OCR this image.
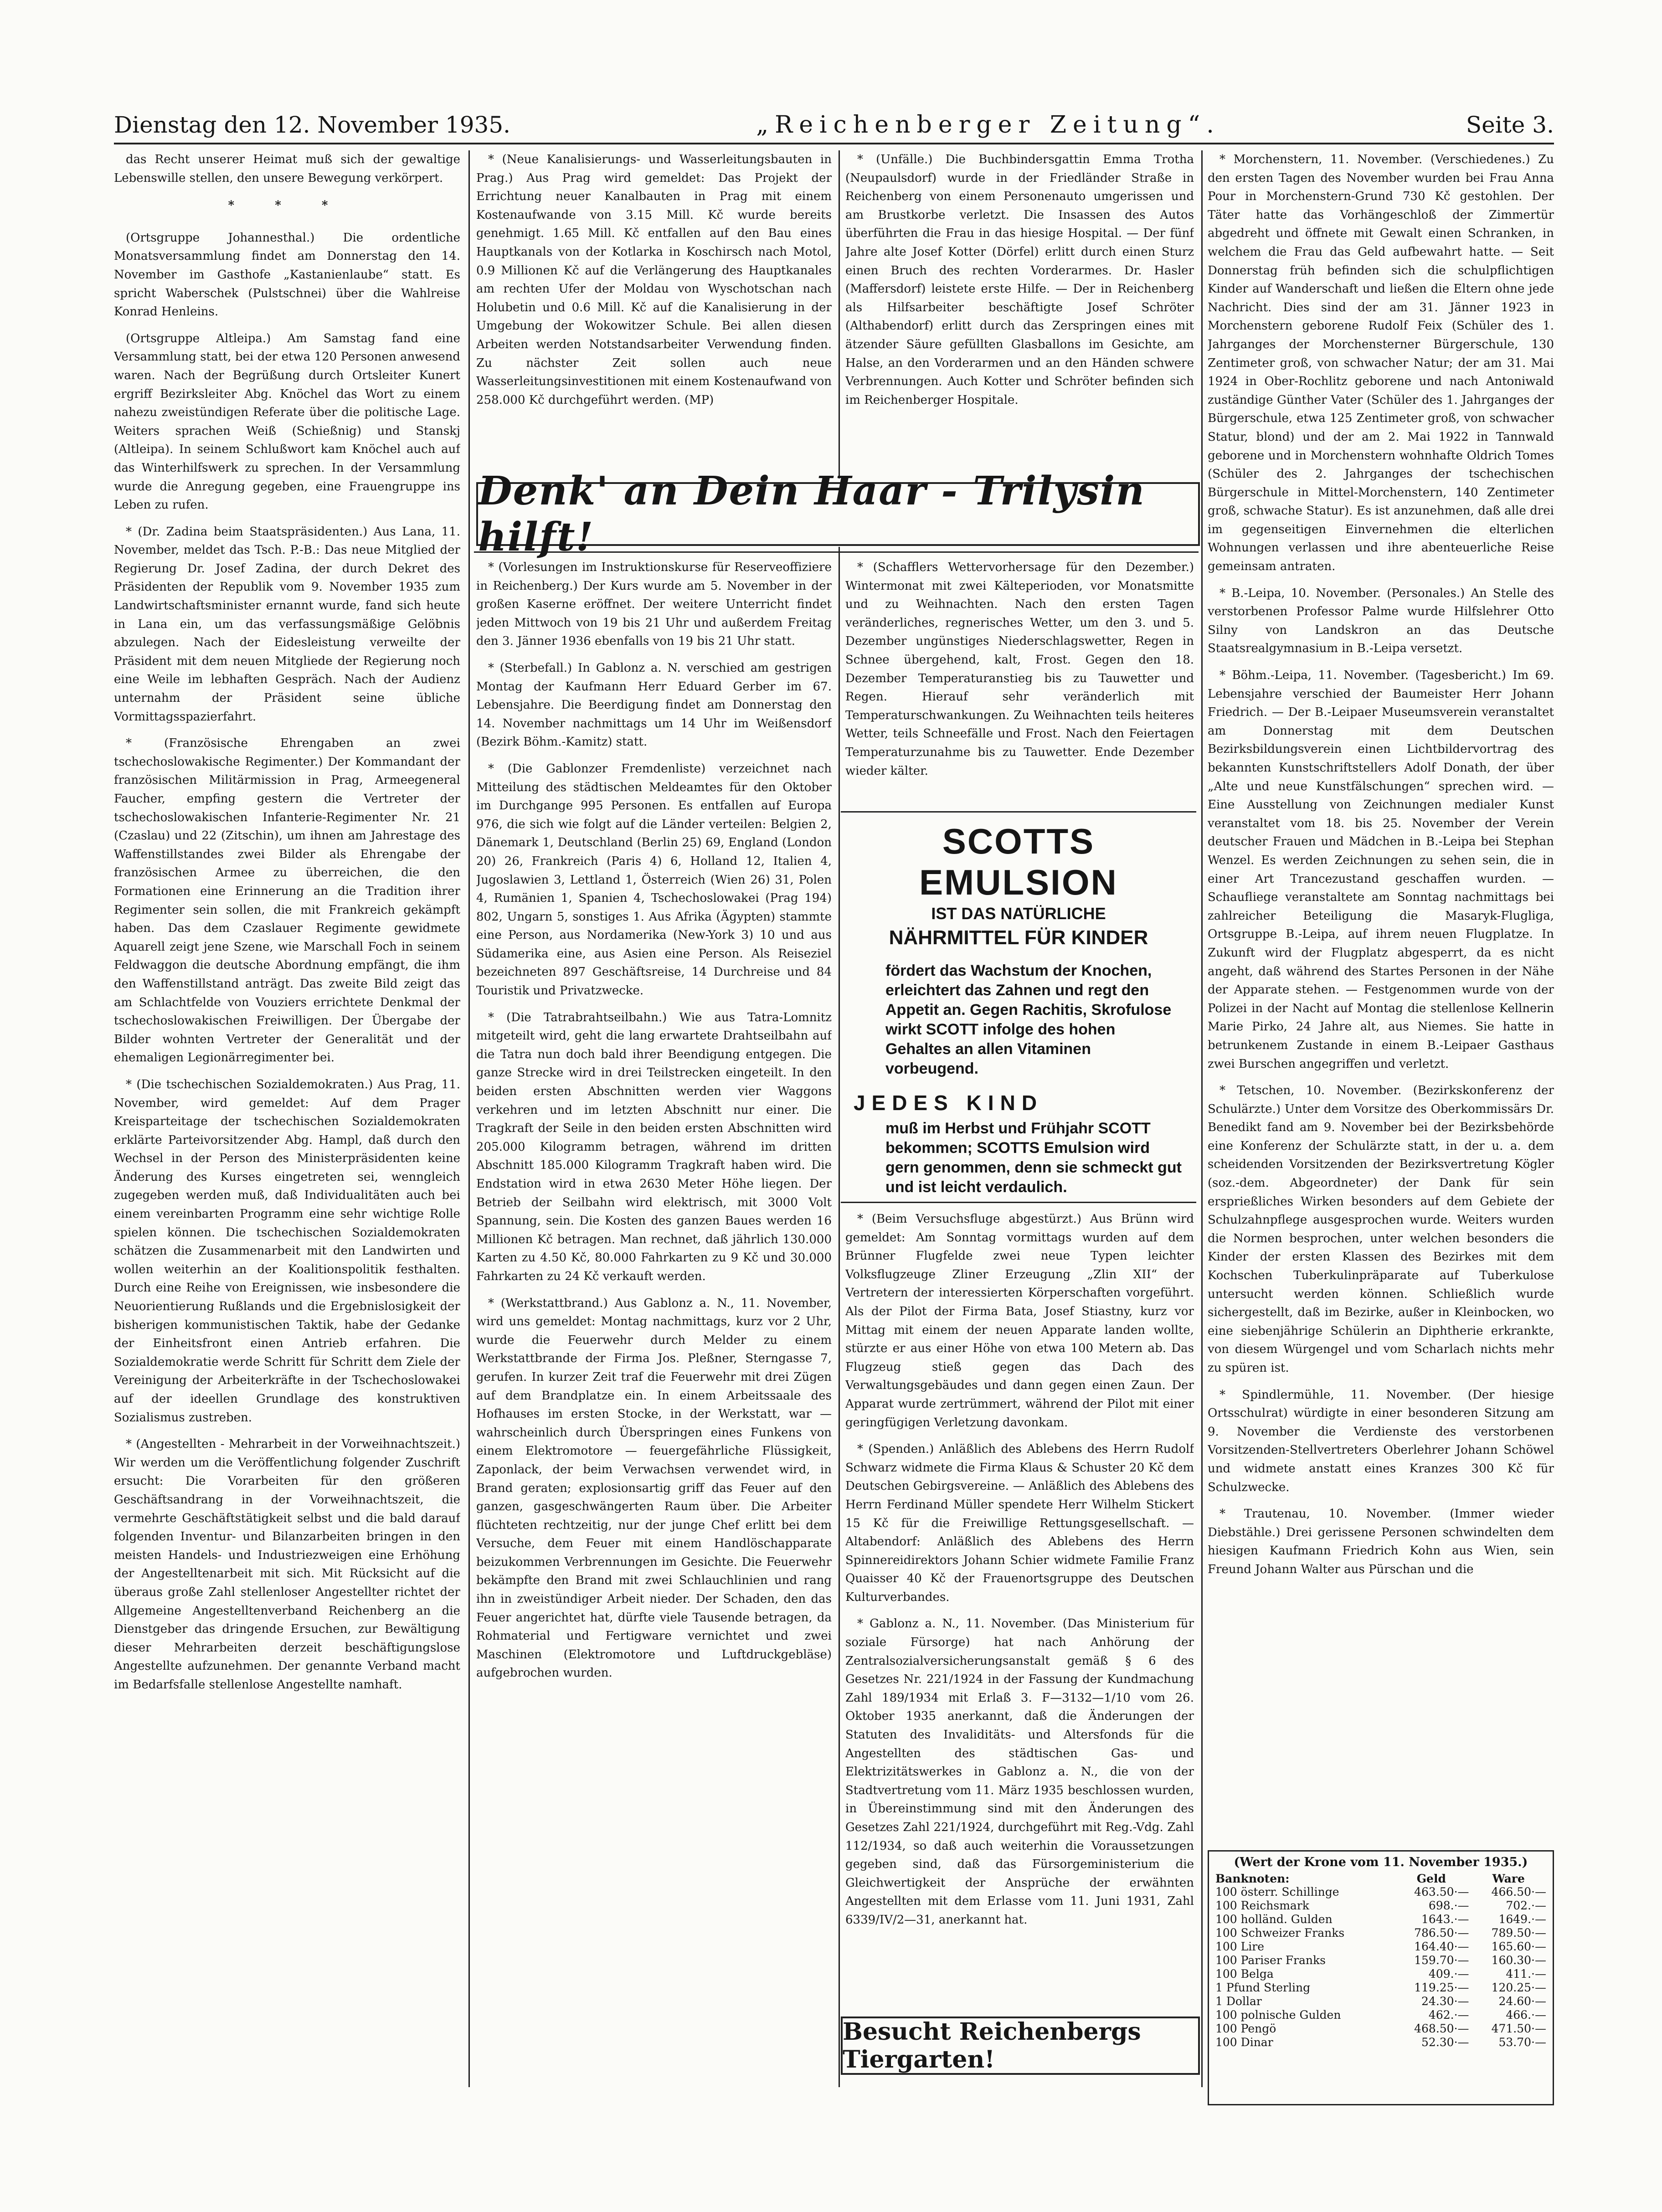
Dienstag den 12. November 1935.	„Reichenberger Zeitung“.	Seite 3.

das Recht unserer Heimat muß sich der gewaltige Lebenswille stellen, den unsere Bewegung verkörpert.

* * *

(Ortsgruppe Johannesthal.) Die ordentliche Monatsversammlung findet am Donnerstag den 14. November im Gasthofe „Kastanienlaube“ statt. Es spricht Waberschek (Pulstschnei) über die Wahlreise Konrad Henleins.

(Ortsgruppe Altleipa.) Am Samstag fand eine Versammlung statt, bei der etwa 120 Personen anwesend waren. Nach der Begrüßung durch Ortsleiter Kunert ergriff Bezirksleiter Abg. Knöchel das Wort zu einem nahezu zweistündigen Referate über die politische Lage. Weiters sprachen Weiß (Schießnig) und Stanskj (Altleipa). In seinem Schlußwort kam Knöchel auch auf das Winterhilfswerk zu sprechen. In der Versammlung wurde die Anregung gegeben, eine Frauengruppe ins Leben zu rufen.

* (Dr. Zadina beim Staatspräsidenten.) Aus Lana, 11. November, meldet das Tsch. P.-B.: Das neue Mitglied der Regierung Dr. Josef Zadina, der durch Dekret des Präsidenten der Republik vom 9. November 1935 zum Landwirtschaftsminister ernannt wurde, fand sich heute in Lana ein, um das verfassungsmäßige Gelöbnis abzulegen. Nach der Eidesleistung verweilte der Präsident mit dem neuen Mitgliede der Regierung noch eine Weile im lebhaften Gespräch. Nach der Audienz unternahm der Präsident seine übliche Vormittagsspazierfahrt.

* (Französische Ehrengaben an zwei tschechoslowakische Regimenter.) Der Kommandant der französischen Militärmission in Prag, Armeegeneral Faucher, empfing gestern die Vertreter der tschechoslowakischen Infanterie-Regimenter Nr. 21 (Czaslau) und 22 (Zitschin), um ihnen am Jahrestage des Waffenstillstandes zwei Bilder als Ehrengabe der französischen Armee zu überreichen, die den Formationen eine Erinnerung an die Tradition ihrer Regimenter sein sollen, die mit Frankreich gekämpft haben. Das dem Czaslauer Regimente gewidmete Aquarell zeigt jene Szene, wie Marschall Foch in seinem Feldwaggon die deutsche Abordnung empfängt, die ihm den Waffenstillstand anträgt. Das zweite Bild zeigt das am Schlachtfelde von Vouziers errichtete Denkmal der tschechoslowakischen Freiwilligen. Der Übergabe der Bilder wohnten Vertreter der Generalität und der ehemaligen Legionärregimenter bei.

* (Die tschechischen Sozialdemokraten.) Aus Prag, 11. November, wird gemeldet: Auf dem Prager Kreisparteitage der tschechischen Sozialdemokraten erklärte Parteivorsitzender Abg. Hampl, daß durch den Wechsel in der Person des Ministerpräsidenten keine Änderung des Kurses eingetreten sei, wenngleich zugegeben werden muß, daß Individualitäten auch bei einem vereinbarten Programm eine sehr wichtige Rolle spielen können. Die tschechischen Sozialdemokraten schätzen die Zusammenarbeit mit den Landwirten und wollen weiterhin an der Koalitionspolitik festhalten. Durch eine Reihe von Ereignissen, wie insbesondere die Neuorientierung Rußlands und die Ergebnislosigkeit der bisherigen kommunistischen Taktik, habe der Gedanke der Einheitsfront einen Antrieb erfahren. Die Sozialdemokratie werde Schritt für Schritt dem Ziele der Vereinigung der Arbeiterkräfte in der Tschechoslowakei auf der ideellen Grundlage des konstruktiven Sozialismus zustreben.

* (Angestellten - Mehrarbeit in der Vorweihnachtszeit.) Wir werden um die Veröffentlichung folgender Zuschrift ersucht: Die Vorarbeiten für den größeren Geschäftsandrang in der Vorweihnachtszeit, die vermehrte Geschäftstätigkeit selbst und die bald darauf folgenden Inventur- und Bilanzarbeiten bringen in den meisten Handels- und Industriezweigen eine Erhöhung der Angestelltenarbeit mit sich. Mit Rücksicht auf die überaus große Zahl stellenloser Angestellter richtet der Allgemeine Angestelltenverband Reichenberg an die Dienstgeber das dringende Ersuchen, zur Bewältigung dieser Mehrarbeiten derzeit beschäftigungslose Angestellte aufzunehmen. Der genannte Verband macht im Bedarfsfalle stellenlose Angestellte namhaft.

* (Neue Kanalisierungs- und Wasserleitungsbauten in Prag.) Aus Prag wird gemeldet: Das Projekt der Errichtung neuer Kanalbauten in Prag mit einem Kostenaufwande von 3.15 Mill. Kč wurde bereits genehmigt. 1.65 Mill. Kč entfallen auf den Bau eines Hauptkanals von der Kotlarka in Koschirsch nach Motol, 0.9 Millionen Kč auf die Verlängerung des Hauptkanales am rechten Ufer der Moldau von Wyschotschan nach Holubetin und 0.6 Mill. Kč auf die Kanalisierung in der Umgebung der Wokowitzer Schule. Bei allen diesen Arbeiten werden Notstandsarbeiter Verwendung finden. Zu nächster Zeit sollen auch neue Wasserleitungsinvestitionen mit einem Kostenaufwand von 258.000 Kč durchgeführt werden. (MP)

* (Unfälle.) Die Buchbindersgattin Emma Trotha (Neupaulsdorf) wurde in der Friedländer Straße in Reichenberg von einem Personenauto umgerissen und am Brustkorbe verletzt. Die Insassen des Autos überführten die Frau in das hiesige Hospital. — Der fünf Jahre alte Josef Kotter (Dörfel) erlitt durch einen Sturz einen Bruch des rechten Vorderarmes. Dr. Hasler (Maffersdorf) leistete erste Hilfe. — Der in Reichenberg als Hilfsarbeiter beschäftigte Josef Schröter (Althabendorf) erlitt durch das Zerspringen eines mit ätzender Säure gefüllten Glasballons im Gesichte, am Halse, an den Vorderarmen und an den Händen schwere Verbrennungen. Auch Kotter und Schröter befinden sich im Reichenberger Hospitale.

Denk' an Dein Haar - Trilysin hilft!

* (Vorlesungen im Instruktionskurse für Reserveoffiziere in Reichenberg.) Der Kurs wurde am 5. November in der großen Kaserne eröffnet. Der weitere Unterricht findet jeden Mittwoch von 19 bis 21 Uhr und außerdem Freitag den 3. Jänner 1936 ebenfalls von 19 bis 21 Uhr statt.

* (Sterbefall.) In Gablonz a. N. verschied am gestrigen Montag der Kaufmann Herr Eduard Gerber im 67. Lebensjahre. Die Beerdigung findet am Donnerstag den 14. November nachmittags um 14 Uhr im Weißensdorf (Bezirk Böhm.-Kamitz) statt.

* (Die Gablonzer Fremdenliste) verzeichnet nach Mitteilung des städtischen Meldeamtes für den Oktober im Durchgange 995 Personen. Es entfallen auf Europa 976, die sich wie folgt auf die Länder verteilen: Belgien 2, Dänemark 1, Deutschland (Berlin 25) 69, England (London 20) 26, Frankreich (Paris 4) 6, Holland 12, Italien 4, Jugoslawien 3, Lettland 1, Österreich (Wien 26) 31, Polen 4, Rumänien 1, Spanien 4, Tschechoslowakei (Prag 194) 802, Ungarn 5, sonstiges 1. Aus Afrika (Ägypten) stammte eine Person, aus Nordamerika (New-York 3) 10 und aus Südamerika eine, aus Asien eine Person. Als Reiseziel bezeichneten 897 Geschäftsreise, 14 Durchreise und 84 Touristik und Privatzwecke.

* (Die Tatrabrahtseilbahn.) Wie aus Tatra-Lomnitz mitgeteilt wird, geht die lang erwartete Drahtseilbahn auf die Tatra nun doch bald ihrer Beendigung entgegen. Die ganze Strecke wird in drei Teilstrecken eingeteilt. In den beiden ersten Abschnitten werden vier Waggons verkehren und im letzten Abschnitt nur einer. Die Tragkraft der Seile in den beiden ersten Abschnitten wird 205.000 Kilogramm betragen, während im dritten Abschnitt 185.000 Kilogramm Tragkraft haben wird. Die Endstation wird in etwa 2630 Meter Höhe liegen. Der Betrieb der Seilbahn wird elektrisch, mit 3000 Volt Spannung, sein. Die Kosten des ganzen Baues werden 16 Millionen Kč betragen. Man rechnet, daß jährlich 130.000 Karten zu 4.50 Kč, 80.000 Fahrkarten zu 9 Kč und 30.000 Fahrkarten zu 24 Kč verkauft werden.

* (Werkstattbrand.) Aus Gablonz a. N., 11. November, wird uns gemeldet: Montag nachmittags, kurz vor 2 Uhr, wurde die Feuerwehr durch Melder zu einem Werkstattbrande der Firma Jos. Pleßner, Sterngasse 7, gerufen. In kurzer Zeit traf die Feuerwehr mit drei Zügen auf dem Brandplatze ein. In einem Arbeitssaale des Hofhauses im ersten Stocke, in der Werkstatt, war — wahrscheinlich durch Überspringen eines Funkens von einem Elektromotore — feuergefährliche Flüssigkeit, Zaponlack, der beim Verwachsen verwendet wird, in Brand geraten; explosionsartig griff das Feuer auf den ganzen, gasgeschwängerten Raum über. Die Arbeiter flüchteten rechtzeitig, nur der junge Chef erlitt bei dem Versuche, dem Feuer mit einem Handlöschapparate beizukommen Verbrennungen im Gesichte. Die Feuerwehr bekämpfte den Brand mit zwei Schlauchlinien und rang ihn in zweistündiger Arbeit nieder. Der Schaden, den das Feuer angerichtet hat, dürfte viele Tausende betragen, da Rohmaterial und Fertigware vernichtet und zwei Maschinen (Elektromotore und Luftdruckgebläse) aufgebrochen wurden.

* (Schafflers Wettervorhersage für den Dezember.) Wintermonat mit zwei Kälteperioden, vor Monatsmitte und zu Weihnachten. Nach den ersten Tagen veränderliches, regnerisches Wetter, um den 3. und 5. Dezember ungünstiges Niederschlagswetter, Regen in Schnee übergehend, kalt, Frost. Gegen den 18. Dezember Temperaturanstieg bis zu Tauwetter und Regen. Hierauf sehr veränderlich mit Temperaturschwankungen. Zu Weihnachten teils heiteres Wetter, teils Schneefälle und Frost. Nach den Feiertagen Temperaturzunahme bis zu Tauwetter. Ende Dezember wieder kälter.

SCOTTS EMULSION
IST DAS NATÜRLICHE
NÄHRMITTEL FÜR KINDER
fördert das Wachstum der Knochen, erleichtert das Zahnen und regt den Appetit an. Gegen Rachitis, Skrofulose wirkt SCOTT infolge des hohen Gehaltes an allen Vitaminen vorbeugend.
JEDES KIND
muß im Herbst und Frühjahr SCOTT bekommen; SCOTTS Emulsion wird gern genommen, denn sie schmeckt gut und ist leicht verdaulich.

* (Beim Versuchsfluge abgestürzt.) Aus Brünn wird gemeldet: Am Sonntag vormittags wurden auf dem Brünner Flugfelde zwei neue Typen leichter Volksflugzeuge Zliner Erzeugung „Zlin XII“ der Vertretern der interessierten Körperschaften vorgeführt. Als der Pilot der Firma Bata, Josef Stiastny, kurz vor Mittag mit einem der neuen Apparate landen wollte, stürzte er aus einer Höhe von etwa 100 Metern ab. Das Flugzeug stieß gegen das Dach des Verwaltungsgebäudes und dann gegen einen Zaun. Der Apparat wurde zertrümmert, während der Pilot mit einer geringfügigen Verletzung davonkam.

* (Spenden.) Anläßlich des Ablebens des Herrn Rudolf Schwarz widmete die Firma Klaus & Schuster 20 Kč dem Deutschen Gebirgsvereine. — Anläßlich des Ablebens des Herrn Ferdinand Müller spendete Herr Wilhelm Stickert 15 Kč für die Freiwillige Rettungsgesellschaft. — Altabendorf: Anläßlich des Ablebens des Herrn Spinnereidirektors Johann Schier widmete Familie Franz Quaisser 40 Kč der Frauenortsgruppe des Deutschen Kulturverbandes.

* Gablonz a. N., 11. November. (Das Ministerium für soziale Fürsorge) hat nach Anhörung der Zentralsozialversicherungsanstalt gemäß § 6 des Gesetzes Nr. 221/1924 in der Fassung der Kundmachung Zahl 189/1934 mit Erlaß 3. F—3132—1/10 vom 26. Oktober 1935 anerkannt, daß die Änderungen der Statuten des Invaliditäts- und Altersfonds für die Angestellten des städtischen Gas- und Elektrizitätswerkes in Gablonz a. N., die von der Stadtvertretung vom 11. März 1935 beschlossen wurden, in Übereinstimmung sind mit den Änderungen des Gesetzes Zahl 221/1924, durchgeführt mit Reg.-Vdg. Zahl 112/1934, so daß auch weiterhin die Voraussetzungen gegeben sind, daß das Fürsorgeministerium die Gleichwertigkeit der Ansprüche der erwähnten Angestellten mit dem Erlasse vom 11. Juni 1931, Zahl 6339/IV/2—31, anerkannt hat.

Besucht Reichenbergs Tiergarten!

* Morchenstern, 11. November. (Verschiedenes.) Zu den ersten Tagen des November wurden bei Frau Anna Pour in Morchenstern-Grund 730 Kč gestohlen. Der Täter hatte das Vorhängeschloß der Zimmertür abgedreht und öffnete mit Gewalt einen Schranken, in welchem die Frau das Geld aufbewahrt hatte. — Seit Donnerstag früh befinden sich die schulpflichtigen Kinder auf Wanderschaft und ließen die Eltern ohne jede Nachricht. Dies sind der am 31. Jänner 1923 in Morchenstern geborene Rudolf Feix (Schüler des 1. Jahrganges der Morchensterner Bürgerschule, 130 Zentimeter groß, von schwacher Natur; der am 31. Mai 1924 in Ober-Rochlitz geborene und nach Antoniwald zuständige Günther Vater (Schüler des 1. Jahrganges der Bürgerschule, etwa 125 Zentimeter groß, von schwacher Statur, blond) und der am 2. Mai 1922 in Tannwald geborene und in Morchenstern wohnhafte Oldrich Tomes (Schüler des 2. Jahrganges der tschechischen Bürgerschule in Mittel-Morchenstern, 140 Zentimeter groß, schwache Statur). Es ist anzunehmen, daß alle drei im gegenseitigen Einvernehmen die elterlichen Wohnungen verlassen und ihre abenteuerliche Reise gemeinsam antraten.

* B.-Leipa, 10. November. (Personales.) An Stelle des verstorbenen Professor Palme wurde Hilfslehrer Otto Silny von Landskron an das Deutsche Staatsrealgymnasium in B.-Leipa versetzt.

* Böhm.-Leipa, 11. November. (Tagesbericht.) Im 69. Lebensjahre verschied der Baumeister Herr Johann Friedrich. — Der B.-Leipaer Museumsverein veranstaltet am Donnerstag mit dem Deutschen Bezirksbildungsverein einen Lichtbildervortrag des bekannten Kunstschriftstellers Adolf Donath, der über „Alte und neue Kunstfälschungen“ sprechen wird. — Eine Ausstellung von Zeichnungen medialer Kunst veranstaltet vom 18. bis 25. November der Verein deutscher Frauen und Mädchen in B.-Leipa bei Stephan Wenzel. Es werden Zeichnungen zu sehen sein, die in einer Art Trancezustand geschaffen wurden. — Schaufliege veranstaltete am Sonntag nachmittags bei zahlreicher Beteiligung die Masaryk-Flugliga, Ortsgruppe B.-Leipa, auf ihrem neuen Flugplatze. In Zukunft wird der Flugplatz abgesperrt, da es nicht angeht, daß während des Startes Personen in der Nähe der Apparate stehen. — Festgenommen wurde von der Polizei in der Nacht auf Montag die stellenlose Kellnerin Marie Pirko, 24 Jahre alt, aus Niemes. Sie hatte in betrunkenem Zustande in einem B.-Leipaer Gasthaus zwei Burschen angegriffen und verletzt.

* Tetschen, 10. November. (Bezirkskonferenz der Schulärzte.) Unter dem Vorsitze des Oberkommissärs Dr. Benedikt fand am 9. November bei der Bezirksbehörde eine Konferenz der Schulärzte statt, in der u. a. dem scheidenden Vorsitzenden der Bezirksvertretung Kögler (soz.-dem. Abgeordneter) der Dank für sein ersprießliches Wirken besonders auf dem Gebiete der Schulzahnpflege ausgesprochen wurde. Weiters wurden die Normen besprochen, unter welchen besonders die Kinder der ersten Klassen des Bezirkes mit dem Kochschen Tuberkulinpräparate auf Tuberkulose untersucht werden können. Schließlich wurde sichergestellt, daß im Bezirke, außer in Kleinbocken, wo eine siebenjährige Schülerin an Diphtherie erkrankte, von diesem Würgengel und vom Scharlach nichts mehr zu spüren ist.

* Spindlermühle, 11. November. (Der hiesige Ortsschulrat) würdigte in einer besonderen Sitzung am 9. November die Verdienste des verstorbenen Vorsitzenden-Stellvertreters Oberlehrer Johann Schöwel und widmete anstatt eines Kranzes 300 Kč für Schulzwecke.

* Trautenau, 10. November. (Immer wieder Diebstähle.) Drei gerissene Personen schwindelten dem hiesigen Kaufmann Friedrich Kohn aus Wien, sein Freund Johann Walter aus Pürschan und die

(Wert der Krone vom 11. November 1935.)
Banknoten:	Geld	Ware
100 österr. Schillinge	463.50·—	466.50·—
100 Reichsmark	698.·—	702.·—
100 holländ. Gulden	1643.·—	1649.·—
100 Schweizer Franks	786.50·—	789.50·—
100 Lire	164.40·—	165.60·—
100 Pariser Franks	159.70·—	160.30·—
100 Belga	409.·—	411.·—
1 Pfund Sterling	119.25·—	120.25·—
1 Dollar	24.30·—	24.60·—
100 polnische Gulden	462.·—	466.·—
100 Pengö	468.50·—	471.50·—
100 Dinar	52.30·—	53.70·—
